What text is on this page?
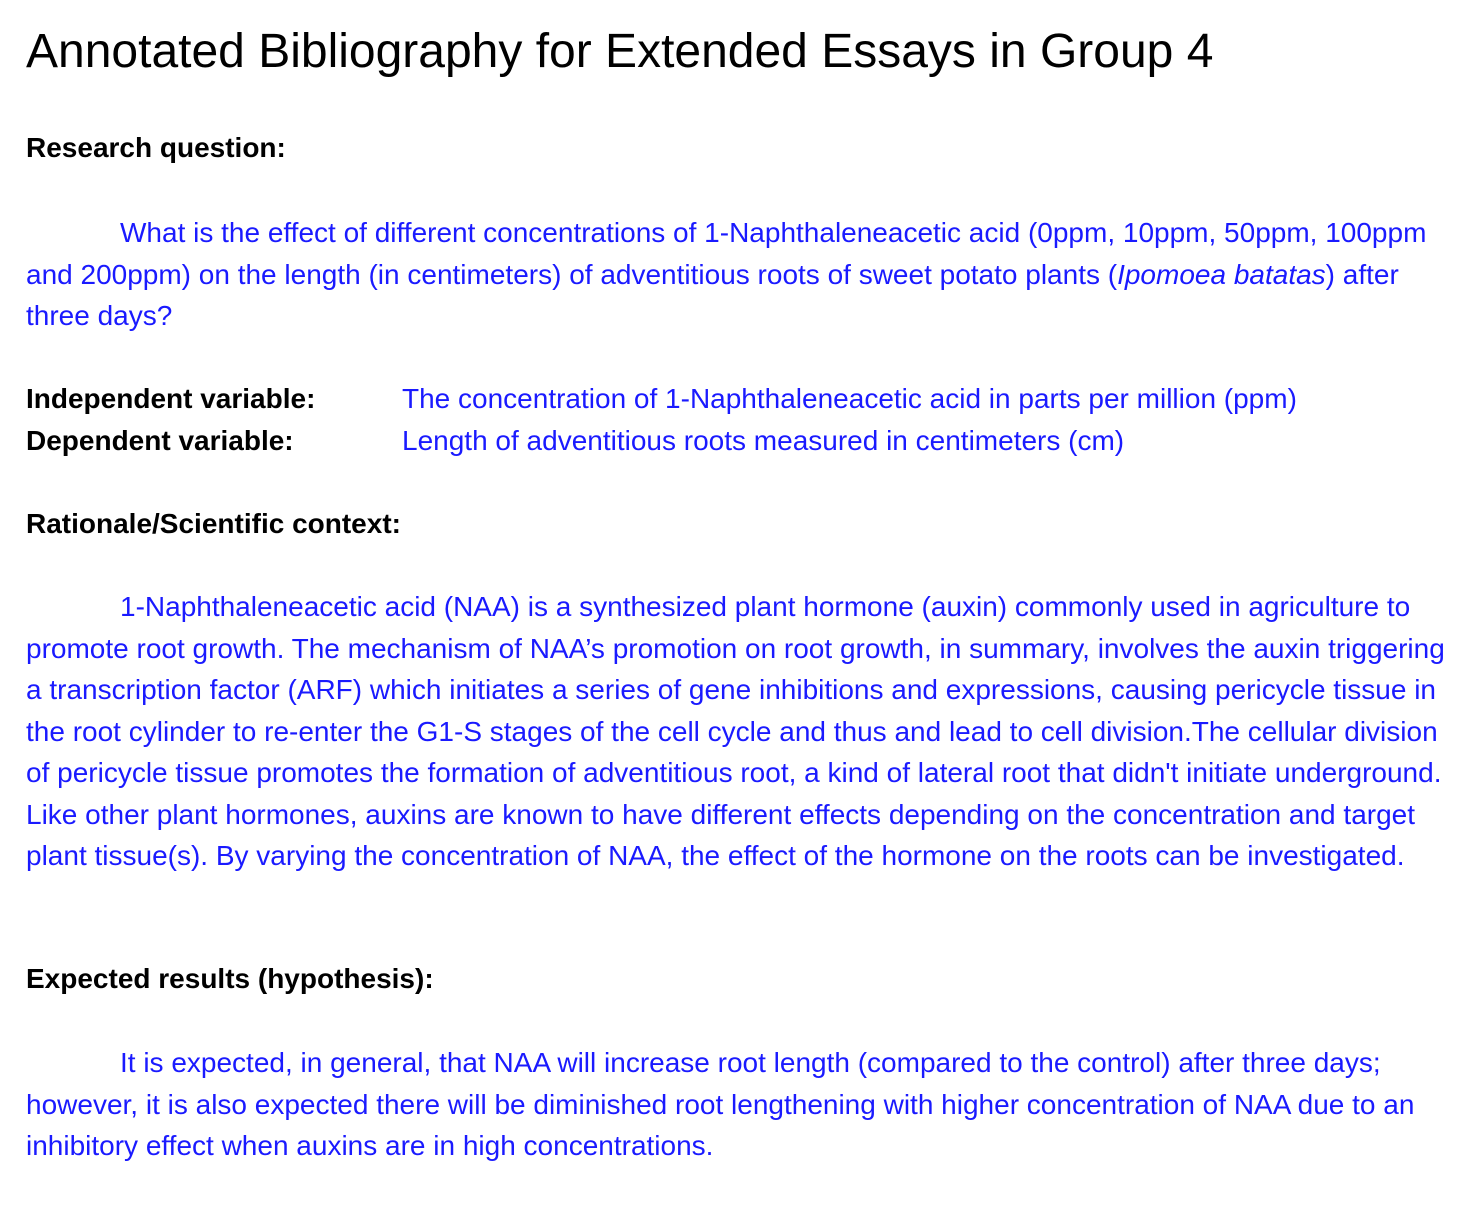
Annotated Bibliography for Extended Essays in Group 4
Research question:

What is the effect of different concentrations of 1-Naphthaleneacetic acid (0ppm, 10ppm, 50ppm, 100ppm and 200ppm) on the length (in centimeters) of adventitious roots of sweet potato plants (Ipomoea batatas) after three days?

Independent variable:	The concentration of 1-Naphthaleneacetic acid in parts per million (ppm)
Dependent variable:	Length of adventitious roots measured in centimeters (cm)
Rationale/Scientific context:

1-Naphthaleneacetic acid (NAA) is a synthesized plant hormone (auxin) commonly used in agriculture to promote root growth. The mechanism of NAA’s promotion on root growth, in summary, involves the auxin triggering a transcription factor (ARF) which initiates a series of gene inhibitions and expressions, causing pericycle tissue in the root cylinder to re-enter the G1-S stages of the cell cycle and thus and lead to cell division.The cellular division of pericycle tissue promotes the formation of adventitious root, a kind of lateral root that didn't initiate underground. Like other plant hormones, auxins are known to have different effects depending on the concentration and target plant tissue(s). By varying the concentration of NAA, the effect of the hormone on the roots can be investigated.

Expected results (hypothesis):

It is expected, in general, that NAA will increase root length (compared to the control) after three days; however, it is also expected there will be diminished root lengthening with higher concentration of NAA due to an inhibitory effect when auxins are in high concentrations.
